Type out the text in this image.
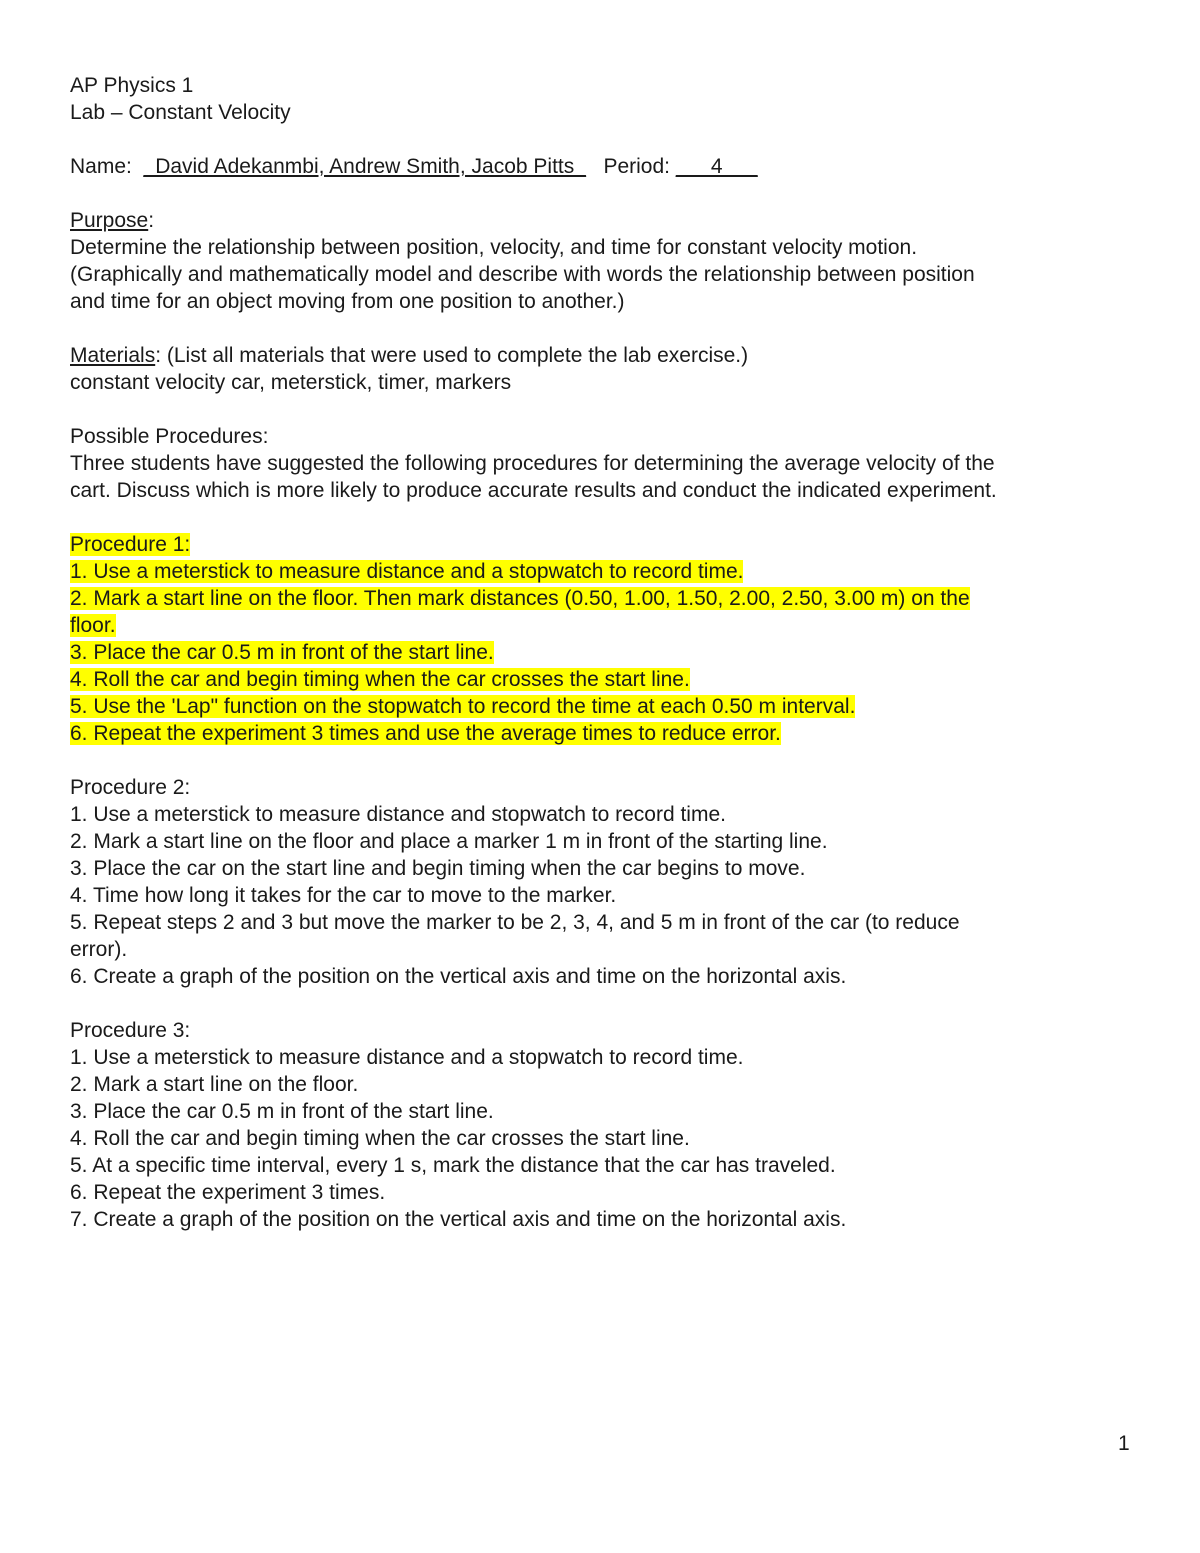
AP Physics 1
Lab – Constant Velocity
Name: _David Adekanmbi, Andrew Smith, Jacob Pitts_ Period: ___4___
Purpose:
Determine the relationship between position, velocity, and time for constant velocity motion.
(Graphically and mathematically model and describe with words the relationship between position
and time for an object moving from one position to another.)
Materials: (List all materials that were used to complete the lab exercise.)
constant velocity car, meterstick, timer, markers
Possible Procedures:
Three students have suggested the following procedures for determining the average velocity of the
cart. Discuss which is more likely to produce accurate results and conduct the indicated experiment.
Procedure 1:
1. Use a meterstick to measure distance and a stopwatch to record time.
2. Mark a start line on the floor. Then mark distances (0.50, 1.00, 1.50, 2.00, 2.50, 3.00 m) on the
floor.
3. Place the car 0.5 m in front of the start line.
4. Roll the car and begin timing when the car crosses the start line.
5. Use the 'Lap" function on the stopwatch to record the time at each 0.50 m interval.
6. Repeat the experiment 3 times and use the average times to reduce error.
Procedure 2:
1. Use a meterstick to measure distance and stopwatch to record time.
2. Mark a start line on the floor and place a marker 1 m in front of the starting line.
3. Place the car on the start line and begin timing when the car begins to move.
4. Time how long it takes for the car to move to the marker.
5. Repeat steps 2 and 3 but move the marker to be 2, 3, 4, and 5 m in front of the car (to reduce
error).
6. Create a graph of the position on the vertical axis and time on the horizontal axis.
Procedure 3:
1. Use a meterstick to measure distance and a stopwatch to record time.
2. Mark a start line on the floor.
3. Place the car 0.5 m in front of the start line.
4. Roll the car and begin timing when the car crosses the start line.
5. At a specific time interval, every 1 s, mark the distance that the car has traveled.
6. Repeat the experiment 3 times.
7. Create a graph of the position on the vertical axis and time on the horizontal axis.
1
